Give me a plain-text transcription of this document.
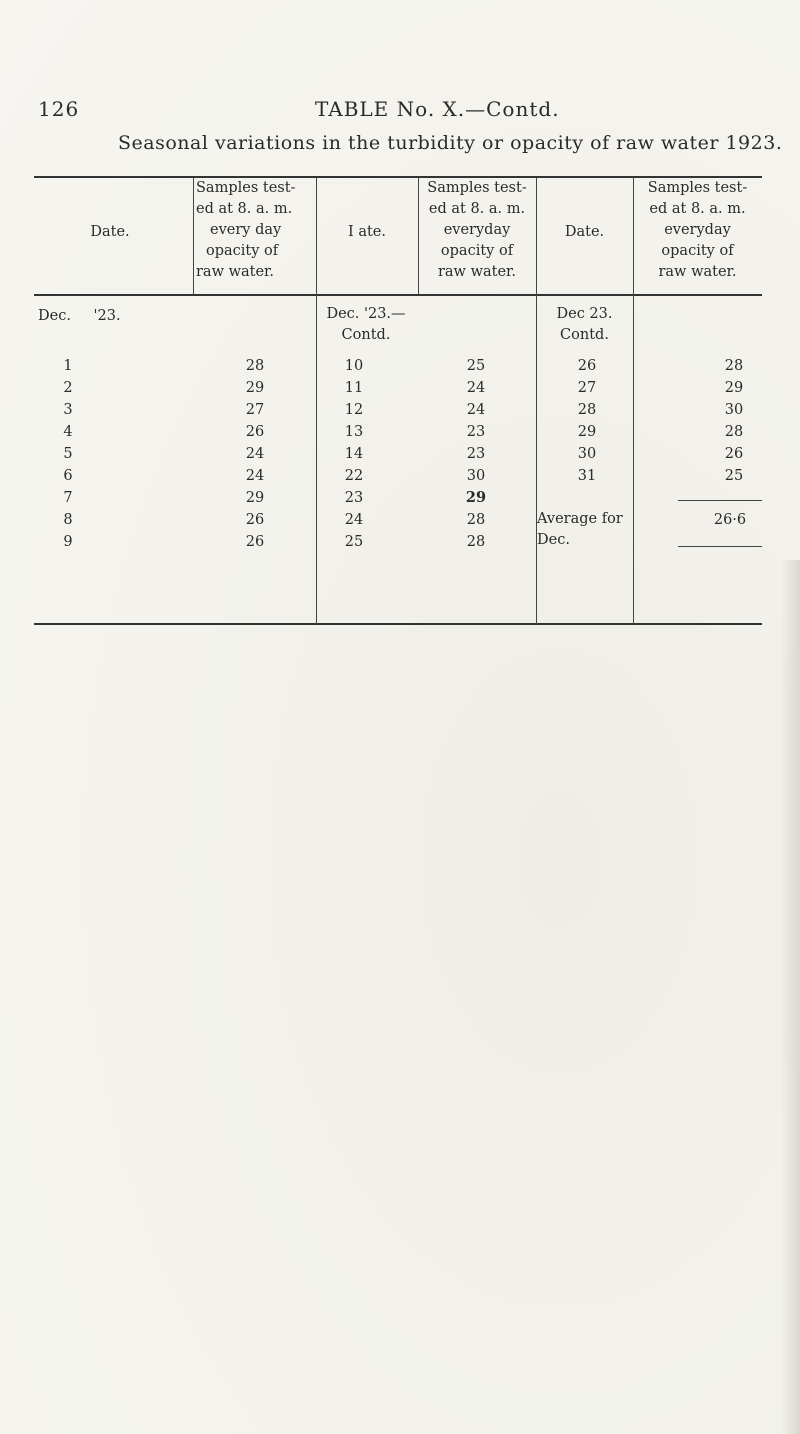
126	TABLE No. X.—Contd.
Seasonal variations in the turbidity or opacity of raw water 1923.
Date.
Samples test-
ed at 8. a. m.
every day
opacity of
raw water.
I ate.
Samples test-
ed at 8. a. m.
everyday
opacity of
raw water.
Date.
Samples test-
ed at 8. a. m.
everyday
opacity of
raw water.
Dec. '23.	Dec. '23.—
Contd.
Dec 23.
Contd.
1
2
3
4
5
6
7
8
9
28
29
27
26
24
24
29
26
26
10
11
12
13
14
22
23
24
25
25
24
24
23
23
30
29
28
28
26
27
28
29
30
31
28
29
30
28
26
25
Average for
Dec.
26·6
